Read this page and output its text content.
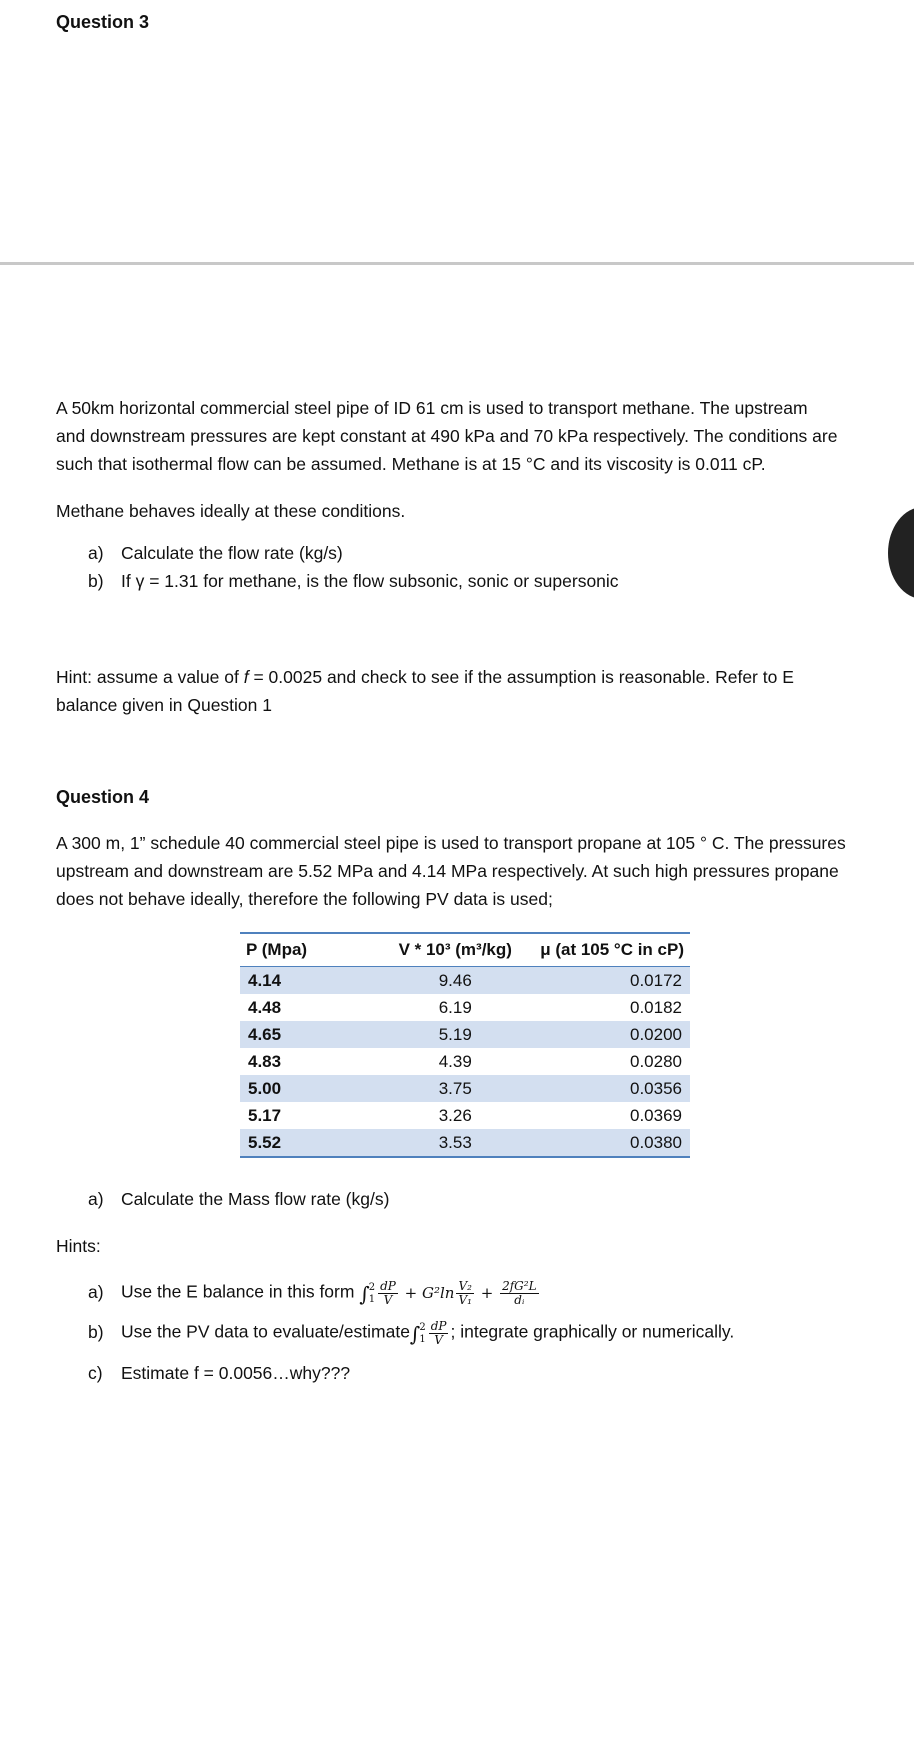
Question 3
A 50km horizontal commercial steel pipe of ID 61 cm is used to transport methane. The upstream
and downstream pressures are kept constant at 490 kPa and 70 kPa respectively. The conditions are
such that isothermal flow can be assumed. Methane is at 15 °C and its viscosity is 0.011 cP.
Methane behaves ideally at these conditions.
a) Calculate the flow rate (kg/s)
b) If γ = 1.31 for methane, is the flow subsonic, sonic or supersonic
Hint: assume a value of f = 0.0025 and check to see if the assumption is reasonable. Refer to E
balance given in Question 1
Question 4
A 300 m, 1” schedule 40 commercial steel pipe is used to transport propane at 105 ° C. The pressures
upstream and downstream are 5.52 MPa and 4.14 MPa respectively. At such high pressures propane
does not behave ideally, therefore the following PV data is used;
P (Mpa)	V * 10³ (m³/kg)	μ (at 105 °C in cP)
4.14	9.46	0.0172
4.48	6.19	0.0182
4.65	5.19	0.0200
4.83	4.39	0.0280
5.00	3.75	0.0356
5.17	3.26	0.0369
5.52	3.53	0.0380
a) Calculate the Mass flow rate (kg/s)
Hints:
a) Use the E balance in this form ∫ 2
$1 \frac{dP}{V} + G^2\ln \frac{\text{V₂}}{\text{V₁}} + \frac{\text{2fG²L}}{\text{dᵢ}}$
b) Use the PV data to evaluate/estimate∫ 2
$1 \frac{dP}{V}$ ; integrate graphically or numerically.
c) Estimate f = 0.0056…why???
